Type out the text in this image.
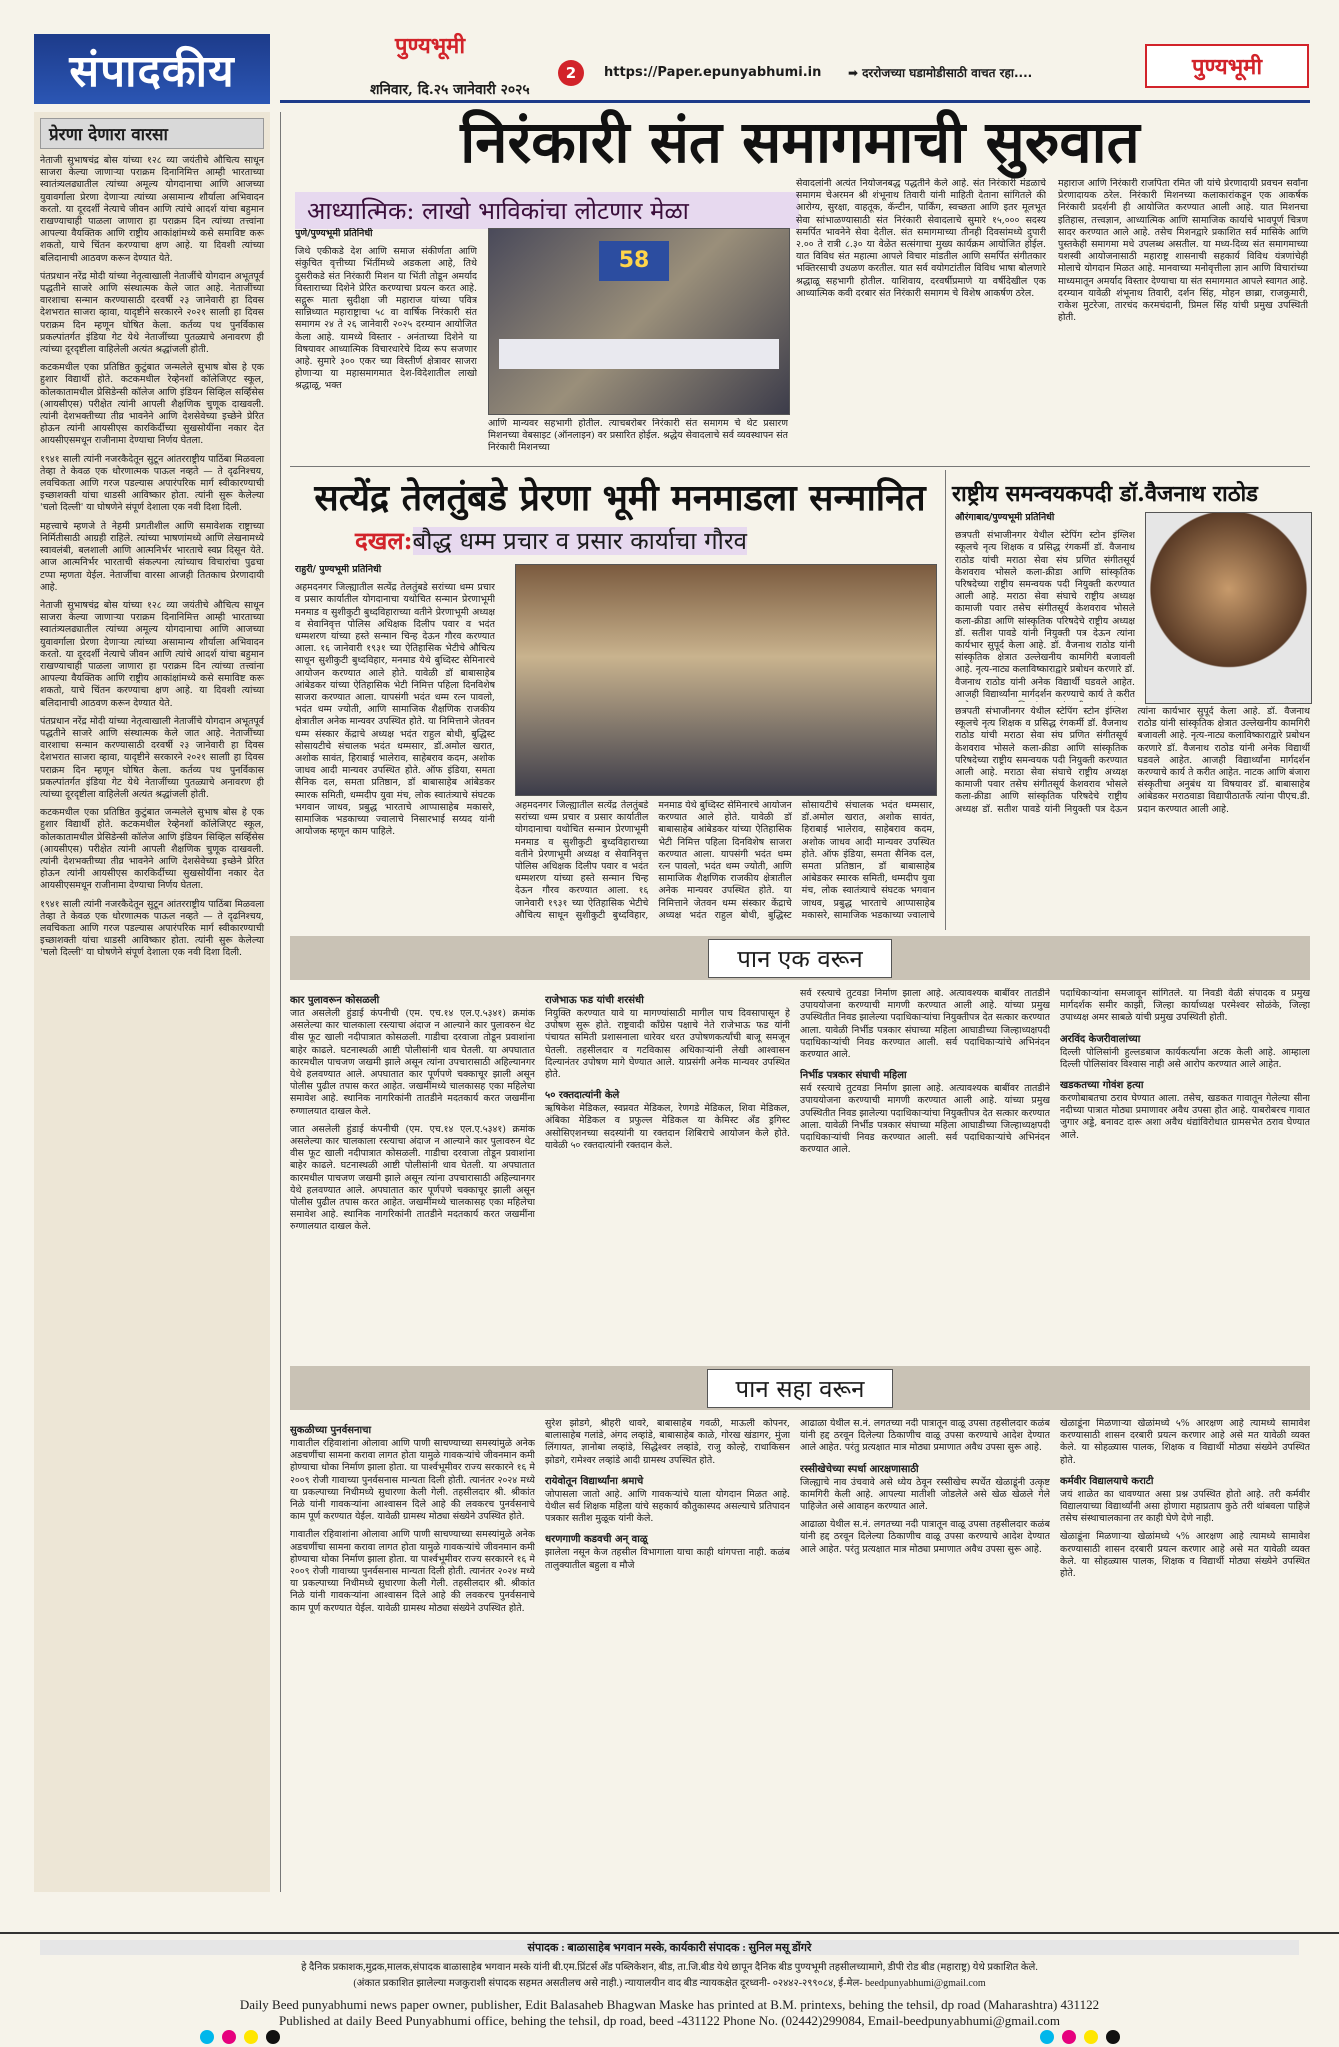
संपादकीय	पुण्यभूमी
शनिवार, दि.२५ जानेवारी २०२५
2	https://Paper.epunyabhumi.in ➡ दररोजच्या घडामोडीसाठी वाचत रहा....	पुण्यभूमी
प्रेरणा देणारा वारसा

नेताजी सुभाषचंद्र बोस यांच्या १२८ व्या जयंतीचे औचित्य साधून साजरा केल्या जाणाऱ्या पराक्रम दिनानिमित्त आम्ही भारताच्या स्वातंत्र्यलढ्यातील त्यांच्या अमूल्य योगदानाचा आणि आजच्या युवावर्गाला प्रेरणा देणाऱ्या त्यांच्या असामान्य शौर्याला अभिवादन करतो. या दूरदर्शी नेत्याचे जीवन आणि त्यांचे आदर्श यांचा बहुमान राखण्याचाही पाळला जाणारा हा पराक्रम दिन त्यांच्या तत्त्वांना आपल्या वैयक्तिक आणि राष्ट्रीय आकांक्षांमध्ये कसे समाविष्ट करू शकतो, याचे चिंतन करण्याचा क्षण आहे. या दिवशी त्यांच्या बलिदानाची आठवण करून देण्यात येते.

पंतप्रधान नरेंद्र मोदी यांच्या नेतृत्वाखाली नेताजींचे योगदान अभूतपूर्व पद्धतीने साजरे आणि संस्थात्मक केले जात आहे. नेताजींच्या वारशाचा सन्मान करण्यासाठी दरवर्षी २३ जानेवारी हा दिवस देशभरात साजरा व्हावा, यादृष्टीने सरकारने २०२१ सालाी हा दिवस पराक्रम दिन म्हणून घोषित केला. कर्तव्य पथ पुनर्विकास प्रकल्पांतर्गत इंडिया गेट येथे नेताजींच्या पुतळ्याचे अनावरण ही त्यांच्या दूरदृष्टीला वाहिलेली अत्यंत श्रद्धांजली होती.

कटकमधील एका प्रतिष्ठित कुटुंबात जन्मलेले सुभाष बोस हे एक हुशार विद्यार्थी होते. कटकमधील रेव्हेनशॉ कॉलेजिएट स्कूल, कोलकातामधील प्रेसिडेन्सी कॉलेज आणि इंडियन सिव्हिल सर्व्हिसेस (आयसीएस) परीक्षेत त्यांनी आपली शैक्षणिक चुणूक दाखवली. त्यांनी देशभक्तीच्या तीव्र भावनेने आणि देशसेवेच्या इच्छेने प्रेरित होऊन त्यांनी आयसीएस कारकिर्दीच्या सुखसोयींना नकार देत आयसीएसमधून राजीनामा देण्याचा निर्णय घेतला.

१९४१ साली त्यांनी नजरकैदेतून सुटून आंतरराष्ट्रीय पाठिंबा मिळवला तेव्हा ते केवळ एक धोरणात्मक पाऊल नव्हते — ते दृढनिश्चय, लवचिकता आणि गरज पडल्यास अपारंपरिक मार्ग स्वीकारण्याची इच्छाशक्ती यांचा धाडसी आविष्कार होता. त्यांनी सुरू केलेल्या 'चलो दिल्ली' या घोषणेने संपूर्ण देशाला एक नवी दिशा दिली.

महत्त्वाचे म्हणजे ते नेहमी प्रगतीशील आणि समावेशक राष्ट्राच्या निर्मितीसाठी आग्रही राहिले. त्यांच्या भाषणांमध्ये आणि लेखनामध्ये स्वावलंबी, बलशाली आणि आत्मनिर्भर भारताचे स्वप्न दिसून येते. आज आत्मनिर्भर भारताची संकल्पना त्यांच्याच विचारांचा पुढचा टप्पा म्हणता येईल. नेताजींचा वारसा आजही तितकाच प्रेरणादायी आहे.

नेताजी सुभाषचंद्र बोस यांच्या १२८ व्या जयंतीचे औचित्य साधून साजरा केल्या जाणाऱ्या पराक्रम दिनानिमित्त आम्ही भारताच्या स्वातंत्र्यलढ्यातील त्यांच्या अमूल्य योगदानाचा आणि आजच्या युवावर्गाला प्रेरणा देणाऱ्या त्यांच्या असामान्य शौर्याला अभिवादन करतो. या दूरदर्शी नेत्याचे जीवन आणि त्यांचे आदर्श यांचा बहुमान राखण्याचाही पाळला जाणारा हा पराक्रम दिन त्यांच्या तत्त्वांना आपल्या वैयक्तिक आणि राष्ट्रीय आकांक्षांमध्ये कसे समाविष्ट करू शकतो, याचे चिंतन करण्याचा क्षण आहे. या दिवशी त्यांच्या बलिदानाची आठवण करून देण्यात येते.

पंतप्रधान नरेंद्र मोदी यांच्या नेतृत्वाखाली नेताजींचे योगदान अभूतपूर्व पद्धतीने साजरे आणि संस्थात्मक केले जात आहे. नेताजींच्या वारशाचा सन्मान करण्यासाठी दरवर्षी २३ जानेवारी हा दिवस देशभरात साजरा व्हावा, यादृष्टीने सरकारने २०२१ सालाी हा दिवस पराक्रम दिन म्हणून घोषित केला. कर्तव्य पथ पुनर्विकास प्रकल्पांतर्गत इंडिया गेट येथे नेताजींच्या पुतळ्याचे अनावरण ही त्यांच्या दूरदृष्टीला वाहिलेली अत्यंत श्रद्धांजली होती.

कटकमधील एका प्रतिष्ठित कुटुंबात जन्मलेले सुभाष बोस हे एक हुशार विद्यार्थी होते. कटकमधील रेव्हेनशॉ कॉलेजिएट स्कूल, कोलकातामधील प्रेसिडेन्सी कॉलेज आणि इंडियन सिव्हिल सर्व्हिसेस (आयसीएस) परीक्षेत त्यांनी आपली शैक्षणिक चुणूक दाखवली. त्यांनी देशभक्तीच्या तीव्र भावनेने आणि देशसेवेच्या इच्छेने प्रेरित होऊन त्यांनी आयसीएस कारकिर्दीच्या सुखसोयींना नकार देत आयसीएसमधून राजीनामा देण्याचा निर्णय घेतला.

१९४१ साली त्यांनी नजरकैदेतून सुटून आंतरराष्ट्रीय पाठिंबा मिळवला तेव्हा ते केवळ एक धोरणात्मक पाऊल नव्हते — ते दृढनिश्चय, लवचिकता आणि गरज पडल्यास अपारंपरिक मार्ग स्वीकारण्याची इच्छाशक्ती यांचा धाडसी आविष्कार होता. त्यांनी सुरू केलेल्या 'चलो दिल्ली' या घोषणेने संपूर्ण देशाला एक नवी दिशा दिली.

निरंकारी संत समागमाची सुरुवात
आध्यात्मिक: लाखो भाविकांचा लोटणार मेळा
पुणे/पुण्यभूमी प्रतिनिधी
जिथे एकीकडे देश आणि समाज संकीर्णता आणि संकुचित वृत्तीच्या भिंतींमध्ये अडकला आहे, तिथे दुसरीकडे संत निरंकारी मिशन या भिंती तोडून अमर्याद विस्ताराच्या दिशेने प्रेरित करण्याचा प्रयत्न करत आहे. सद्गुरू माता सुदीक्षा जी महाराज यांच्या पवित्र सान्निध्यात महाराष्ट्राचा ५८ वा वार्षिक निरंकारी संत समागम २४ ते २६ जानेवारी २०२५ दरम्यान आयोजित केला आहे. यामध्ये विस्तार - अनंताच्या दिशेने या विषयावर आध्यात्मिक विचारधारेचे दिव्य रूप सजणार आहे. सुमारे ३०० एकर च्या विस्तीर्ण क्षेत्रावर साजरा होणाऱ्या या महासमागमात देश-विदेशातील लाखो श्रद्धाळू, भक्त
58
आणि मान्यवर सहभागी होतील. त्याचबरोबर निरंकारी संत समागम चे थेट प्रसारण मिशनच्या वेबसाइट (ऑनलाइन) वर प्रसारित होईल. श्रद्धेय सेवादलाचे सर्व व्यवस्थापन संत निरंकारी मिशनच्या
सेवादलांनी अत्यंत नियोजनबद्ध पद्धतीने केले आहे. संत निरंकारी मंडळाचे समागम चेअरमन श्री शंभूनाथ तिवारी यांनी माहिती देताना सांगितले की आरोग्य, सुरक्षा, वाहतूक, कॅन्टीन, पार्किंग, स्वच्छता आणि इतर मूलभूत सेवा सांभाळण्यासाठी संत निरंकारी सेवादलाचे सुमारे १५,००० सदस्य समर्पित भावनेने सेवा देतील. संत समागमाच्या तीनही दिवसांमध्ये दुपारी २.०० ते रात्री ८.३० या वेळेत सत्संगाचा मुख्य कार्यक्रम आयोजित होईल. यात विविध संत महात्मा आपले विचार मांडतील आणि समर्पित संगीतकार भक्तिरसाची उधळण करतील. यात सर्व वयोगटांतील विविध भाषा बोलणारे श्रद्धाळू सहभागी होतील. याशिवाय, दरवर्षीप्रमाणे या वर्षीदेखील एक आध्यात्मिक कवी दरबार संत निरंकारी समागम चे विशेष आकर्षण ठरेल.
महाराज आणि निरंकारी राजपिता रमित जी यांचे प्रेरणादायी प्रवचन सर्वांना प्रेरणादायक ठरेल. निरंकारी मिशनच्या कलाकारांकडून एक आकर्षक निरंकारी प्रदर्शनी ही आयोजित करण्यात आली आहे. यात मिशनचा इतिहास, तत्त्वज्ञान, आध्यात्मिक आणि सामाजिक कार्याचे भावपूर्ण चित्रण सादर करण्यात आले आहे. तसेच मिशनद्वारे प्रकाशित सर्व मासिके आणि पुस्तकेही समागमा मधे उपलब्ध असतील. या मध्य-दिव्य संत समागमाच्या यशस्वी आयोजनासाठी महाराष्ट्र शासनाची सहकार्य विविध यंत्रणांचेही मोलाचे योगदान मिळत आहे. मानवाच्या मनोवृत्तीला ज्ञान आणि विचारांच्या माध्यमातून अमर्याद विस्तार देण्याचा या संत समागमात आपले स्वागत आहे. दरम्यान यावेळी शंभूनाथ तिवारी, दर्शन सिंह, मोहन छाब्रा, राजकुमारी, राकेश मुटरेजा, तारचंद करमचंदानी, प्रिमल सिंह यांची प्रमुख उपस्थिती होती.
सत्येंद्र तेलतुंबडे प्रेरणा भूमी मनमाडला सन्मानित
दखल:बौद्ध धम्म प्रचार व प्रसार कार्याचा गौरव
राहुरी/ पुण्यभूमी प्रतिनिधी
अहमदनगर जिल्ह्यातील सत्येंद्र तेलतुंबडे सरांच्या धम्म प्रचार व प्रसार कार्यातील योगदानाचा यथोचित सन्मान प्रेरणाभूमी मनमाड व सुशीकुटी बुध्दविहाराच्या वतीने प्रेरणाभूमी अध्यक्ष व सेवानिवृत्त पोलिस अधिक्षक दिलीप पवार व भदंत धम्मशरण यांच्या हस्ते सन्मान चिन्ह देऊन गौरव करण्यात आला. १६ जानेवारी १९३१ च्या ऐतिहासिक भेटीचे औचित्य साधून सुशीकुटी बुध्दविहार, मनमाड येथे बुध्दिस्ट सेमिनारचे आयोजन करण्यात आले होते. यावेळी डॉ बाबासाहेब आंबेडकर यांच्या ऐतिहासिक भेटी निमित्त पहिला दिनविशेष साजरा करण्यात आला. यापसंगी भदंत धम्म रत्न पावलो, भदंत धम्म ज्योती, आणि सामाजिक शैक्षणिक राजकीय क्षेत्रातील अनेक मान्यवर उपस्थित होते. या निमित्ताने जेतवन धम्म संस्कार केंद्राचे अध्यक्ष भदंत राहुल बोधी, बुद्धिस्ट सोसायटीचे संचालक भदंत धम्मसार, डॉ.अमोल खरात, अशोक सावंत, हिराबाई भालेराव, साहेबराव कदम, अशोक जाधव आदी मान्यवर उपस्थित होते. ऑफ इंडिया, समता सैनिक दल, समता प्रतिष्ठान, डॉ बाबासाहेब आंबेडकर स्मारक समिती, धम्मदीप युवा मंच, लोक स्वातंत्र्याचे संघटक भगवान जाधव, प्रबुद्ध भारताचे आप्पासाहेब मकासरे, सामाजिक भडकाच्या ज्वालाचे निसारभाई सय्यद यांनी आयोजक म्हणून काम पाहिले.
अहमदनगर जिल्ह्यातील सत्येंद्र तेलतुंबडे सरांच्या धम्म प्रचार व प्रसार कार्यातील योगदानाचा यथोचित सन्मान प्रेरणाभूमी मनमाड व सुशीकुटी बुध्दविहाराच्या वतीने प्रेरणाभूमी अध्यक्ष व सेवानिवृत्त पोलिस अधिक्षक दिलीप पवार व भदंत धम्मशरण यांच्या हस्ते सन्मान चिन्ह देऊन गौरव करण्यात आला. १६ जानेवारी १९३१ च्या ऐतिहासिक भेटीचे औचित्य साधून सुशीकुटी बुध्दविहार, मनमाड येथे बुध्दिस्ट सेमिनारचे आयोजन करण्यात आले होते. यावेळी डॉ बाबासाहेब आंबेडकर यांच्या ऐतिहासिक भेटी निमित्त पहिला दिनविशेष साजरा करण्यात आला. यापसंगी भदंत धम्म रत्न पावलो, भदंत धम्म ज्योती, आणि सामाजिक शैक्षणिक राजकीय क्षेत्रातील अनेक मान्यवर उपस्थित होते. या निमित्ताने जेतवन धम्म संस्कार केंद्राचे अध्यक्ष भदंत राहुल बोधी, बुद्धिस्ट सोसायटीचे संचालक भदंत धम्मसार, डॉ.अमोल खरात, अशोक सावंत, हिराबाई भालेराव, साहेबराव कदम, अशोक जाधव आदी मान्यवर उपस्थित होते. ऑफ इंडिया, समता सैनिक दल, समता प्रतिष्ठान, डॉ बाबासाहेब आंबेडकर स्मारक समिती, धम्मदीप युवा मंच, लोक स्वातंत्र्याचे संघटक भगवान जाधव, प्रबुद्ध भारताचे आप्पासाहेब मकासरे, सामाजिक भडकाच्या ज्वालाचे
राष्ट्रीय समन्वयकपदी डॉ.वैजनाथ राठोड
औरंगाबाद/पुण्यभूमी प्रतिनिधी
छत्रपती संभाजीनगर येथील स्टेपिंग स्टोन इंग्लिश स्कूलचे नृत्य शिक्षक व प्रसिद्ध रंगकर्मी डॉ. वैजनाथ राठोड यांची मराठा सेवा संघ प्रणित संगीतसूर्य केशवराव भोसले कला-क्रीडा आणि सांस्कृतिक परिषदेच्या राष्ट्रीय समन्वयक पदी नियुक्ती करण्यात आली आहे. मराठा सेवा संघाचे राष्ट्रीय अध्यक्ष कामाजी पवार तसेच संगीतसूर्य केशवराव भोसले कला-क्रीडा आणि सांस्कृतिक परिषदेचे राष्ट्रीय अध्यक्ष डॉ. सतीश पावडे यांनी नियुक्ती पत्र देऊन त्यांना कार्यभार सुपूर्द केला आहे. डॉ. वैजनाथ राठोड यांनी सांस्कृतिक क्षेत्रात उल्लेखनीय कामगिरी बजावली आहे. नृत्य-नाट्य कलाविष्काराद्वारे प्रबोधन करणारे डॉ. वैजनाथ राठोड यांनी अनेक विद्यार्थी घडवले आहेत. आजही विद्यार्थ्यांना मार्गदर्शन करण्याचे कार्य ते करीत
छत्रपती संभाजीनगर येथील स्टेपिंग स्टोन इंग्लिश स्कूलचे नृत्य शिक्षक व प्रसिद्ध रंगकर्मी डॉ. वैजनाथ राठोड यांची मराठा सेवा संघ प्रणित संगीतसूर्य केशवराव भोसले कला-क्रीडा आणि सांस्कृतिक परिषदेच्या राष्ट्रीय समन्वयक पदी नियुक्ती करण्यात आली आहे. मराठा सेवा संघाचे राष्ट्रीय अध्यक्ष कामाजी पवार तसेच संगीतसूर्य केशवराव भोसले कला-क्रीडा आणि सांस्कृतिक परिषदेचे राष्ट्रीय अध्यक्ष डॉ. सतीश पावडे यांनी नियुक्ती पत्र देऊन त्यांना कार्यभार सुपूर्द केला आहे. डॉ. वैजनाथ राठोड यांनी सांस्कृतिक क्षेत्रात उल्लेखनीय कामगिरी बजावली आहे. नृत्य-नाट्य कलाविष्काराद्वारे प्रबोधन करणारे डॉ. वैजनाथ राठोड यांनी अनेक विद्यार्थी घडवले आहेत. आजही विद्यार्थ्यांना मार्गदर्शन करण्याचे कार्य ते करीत आहेत. नाटक आणि बंजारा संस्कृतीचा अनुबंध या विषयावर डॉ. बाबासाहेब आंबेडकर मराठवाडा विद्यापीठातर्फे त्यांना पीएच.डी. प्रदान करण्यात आली आहे.
पान एक वरून
कार पुलावरून कोसळली
जात असलेली हुंडाई कंपनीची (एम. एच.१४ एल.ए.५३४१) क्रमांक असलेल्या कार चालकाला रस्त्याचा अंदाज न आल्याने कार पुलावरुन थेट वीस फूट खाली नदीपात्रात कोसळली. गाडीचा दरवाजा तोडून प्रवाशांना बाहेर काढले. घटनास्थळी आष्टी पोलीसांनी धाव घेतली. या अपघातात कारमधील पाचजण जखमी झाले असून त्यांना उपचारासाठी अहिल्यानगर येथे हलवण्यात आले. अपघातात कार पूर्णपणे चक्काचूर झाली असून पोलीस पुढील तपास करत आहेत. जखमींमध्ये चालकासह एका महिलेचा समावेश आहे. स्थानिक नागरिकांनी तातडीने मदतकार्य करत जखमींना रुग्णालयात दाखल केले.
जात असलेली हुंडाई कंपनीची (एम. एच.१४ एल.ए.५३४१) क्रमांक असलेल्या कार चालकाला रस्त्याचा अंदाज न आल्याने कार पुलावरुन थेट वीस फूट खाली नदीपात्रात कोसळली. गाडीचा दरवाजा तोडून प्रवाशांना बाहेर काढले. घटनास्थळी आष्टी पोलीसांनी धाव घेतली. या अपघातात कारमधील पाचजण जखमी झाले असून त्यांना उपचारासाठी अहिल्यानगर येथे हलवण्यात आले. अपघातात कार पूर्णपणे चक्काचूर झाली असून पोलीस पुढील तपास करत आहेत. जखमींमध्ये चालकासह एका महिलेचा समावेश आहे. स्थानिक नागरिकांनी तातडीने मदतकार्य करत जखमींना रुग्णालयात दाखल केले.
राजेभाऊ फड यांची शरसंधी
नियुक्ति करण्यात यावे या मागण्यांसाठी मागील पाच दिवसापासून हे उपोषण सुरू होते. राष्ट्रवादी कॉंग्रेस पक्षाचे नेते राजेभाऊ फड यांनी पंचायत समिती प्रशासनाला धारेवर धरत उपोषणकर्त्यांची बाजू समजून घेतली. तहसीलदार व गटविकास अधिकाऱ्यांनी लेखी आश्वासन दिल्यानंतर उपोषण मागे घेण्यात आले. याप्रसंगी अनेक मान्यवर उपस्थित होते.
५० रक्तदात्यांनी केले
ऋषिकेश मेडिकल, स्वप्नवत मेडिकल, रेणगडे मेडिकल, शिवा मेडिकल, अंबिका मेडिकल व प्रफुल्ल मेडिकल या केमिस्ट अँड ड्रगिस्ट असोसिएशनच्या सदस्यांनी या रक्तदान शिबिराचे आयोजन केले होते. यावेळी ५० रक्तदात्यांनी रक्तदान केले.
सर्व रस्त्याचे तुटवडा निर्माण झाला आहे. अत्यावश्यक बाबींवर तातडीने उपाययोजना करण्याची मागणी करण्यात आली आहे. यांच्या प्रमुख उपस्थितीत निवड झालेल्या पदाधिकाऱ्यांचा नियुक्तीपत्र देत सत्कार करण्यात आला. यावेळी निर्भीड पत्रकार संघाच्या महिला आघाडीच्या जिल्हाध्यक्षपदी पदाधिकाऱ्यांची निवड करण्यात आली. सर्व पदाधिकाऱ्यांचे अभिनंदन करण्यात आले.
निर्भीड पत्रकार संघाची महिला
सर्व रस्त्याचे तुटवडा निर्माण झाला आहे. अत्यावश्यक बाबींवर तातडीने उपाययोजना करण्याची मागणी करण्यात आली आहे. यांच्या प्रमुख उपस्थितीत निवड झालेल्या पदाधिकाऱ्यांचा नियुक्तीपत्र देत सत्कार करण्यात आला. यावेळी निर्भीड पत्रकार संघाच्या महिला आघाडीच्या जिल्हाध्यक्षपदी पदाधिकाऱ्यांची निवड करण्यात आली. सर्व पदाधिकाऱ्यांचे अभिनंदन करण्यात आले.
पदाधिकाऱ्यांना समजावून सांगितले. या निवडी वेळी संपादक व प्रमुख मार्गदर्शक समीर काझी, जिल्हा कार्याध्यक्ष परमेश्वर सोळंके, जिल्हा उपाध्यक्ष अमर साबळे यांची प्रमुख उपस्थिती होती.
अरविंद केजरीवालांच्या
दिल्ली पोलिसांनी हुल्लडबाज कार्यकर्त्यांना अटक केली आहे. आम्हाला दिल्ली पोलिसांवर विश्वास नाही असे आरोप करण्यात आले आहेत.
खडकतच्या गोवंश हत्या
करणोबाबतचा ठराव घेण्यात आला. तसेच, खडकत गावातून गेलेल्या सीना नदीच्या पात्रात मोठ्या प्रमाणावर अवैध उपसा होत आहे. याबरोबरच गावात जुगार अड्डे, बनावट दारू अशा अवैध धंद्यांविरोधात ग्रामसभेत ठराव घेण्यात आले.
पान सहा वरून
सुकळीच्या पुनर्वसनाचा
गावातील रहिवाशांना ओलावा आणि पाणी साचण्याच्या समस्यांमुळे अनेक अडचणींचा सामना करावा लागत होता यामुळे गावकऱ्यांचे जीवनमान कमी होण्याचा धोका निर्माण झाला होता. या पार्श्वभूमीवर राज्य सरकारने १६ मे २००९ रोजी गावाच्या पुनर्वसनास मान्यता दिली होती. त्यानंतर २०२४ मध्ये या प्रकल्पाच्या निधीमध्ये सुधारणा केली गेली. तहसीलदार श्री. श्रीकांत निळे यांनी गावकऱ्यांना आश्वासन दिले आहे की लवकरच पुनर्वसनाचे काम पूर्ण करण्यात येईल. यावेळी ग्रामस्थ मोठ्या संख्येने उपस्थित होते.
गावातील रहिवाशांना ओलावा आणि पाणी साचण्याच्या समस्यांमुळे अनेक अडचणींचा सामना करावा लागत होता यामुळे गावकऱ्यांचे जीवनमान कमी होण्याचा धोका निर्माण झाला होता. या पार्श्वभूमीवर राज्य सरकारने १६ मे २००९ रोजी गावाच्या पुनर्वसनास मान्यता दिली होती. त्यानंतर २०२४ मध्ये या प्रकल्पाच्या निधीमध्ये सुधारणा केली गेली. तहसीलदार श्री. श्रीकांत निळे यांनी गावकऱ्यांना आश्वासन दिले आहे की लवकरच पुनर्वसनाचे काम पूर्ण करण्यात येईल. यावेळी ग्रामस्थ मोठ्या संख्येने उपस्थित होते.
सुरेश झोडगे, श्रीहरी धावरे, बाबासाहेब गवळी, माऊली कोपनर, बालासाहेब गलांडे, अंगद लव्हांडे, बाबासाहेब काळे, गोरख खंडागर, मुंजा लिंगायत, ज्ञानोबा लव्हांडे, सिद्धेश्वर लव्हांडे, राजु कोल्हे, राधाकिसन झोडगे, रामेश्वर लव्हांडे आदी ग्रामस्थ उपस्थित होते.
रायेवोतून विद्यार्थ्यांना श्रमाचे
जोपासला जातो आहे. आणि गावकऱ्यांचे याला योगदान मिळत आहे. येथील सर्व शिक्षक महिला यांचे सहकार्य कौतुकास्पद असल्याचे प्रतिपादन पत्रकार सतीश मुळूक यांनी केले.
धरणगाणी कडवची अन् वाळू
झालेला नसून केज तहसील विभागाला याचा काही थांगपत्ता नाही. कळंब तालुक्यातील बहुला व मौजे
आढाळा येथील स.नं. लगतच्या नदी पात्रातून वाळू उपसा तहसीलदार कळंब यांनी हद्द ठरवून दिलेल्या ठिकाणीच वाळू उपसा करण्याचे आदेश देण्यात आले आहेत. परंतु प्रत्यक्षात मात्र मोठ्या प्रमाणात अवैध उपसा सुरू आहे.
रस्सीखेचेच्या स्पर्धा आरक्षणासाठी
जिल्ह्याचे नाव उंचवावे असे ध्येय ठेवून रस्सीखेच स्पर्धेत खेळाडूंनी उत्कृष्ट कामगिरी केली आहे. आपल्या मातीशी जोडलेले असे खेळ खेळले गेले पाहिजेत असे आवाहन करण्यात आले.
आढाळा येथील स.नं. लगतच्या नदी पात्रातून वाळू उपसा तहसीलदार कळंब यांनी हद्द ठरवून दिलेल्या ठिकाणीच वाळू उपसा करण्याचे आदेश देण्यात आले आहेत. परंतु प्रत्यक्षात मात्र मोठ्या प्रमाणात अवैध उपसा सुरू आहे.
खेळाडूंना मिळणाऱ्या खेळांमध्ये ५% आरक्षण आहे त्यामध्ये सामावेश करण्यासाठी शासन दरबारी प्रयत्न करणार आहे असे मत यावेळी व्यक्त केले. या सोहळ्यास पालक, शिक्षक व विद्यार्थी मोठ्या संख्येने उपस्थित होते.
कर्मवीर विद्यालयाचे कराटी
जयं शाळेत का धावण्यात असा प्रश्न उपस्थित होतो आहे. तरी कर्मवीर विद्यालयाच्या विद्यार्थ्यांनी असा होणारा महाप्रताप कुठे तरी थांबवला पाहिजे तसेच संस्थाचालकाना तर काही घेणे देणे नाही.
खेळाडूंना मिळणाऱ्या खेळांमध्ये ५% आरक्षण आहे त्यामध्ये सामावेश करण्यासाठी शासन दरबारी प्रयत्न करणार आहे असे मत यावेळी व्यक्त केले. या सोहळ्यास पालक, शिक्षक व विद्यार्थी मोठ्या संख्येने उपस्थित होते.
संपादक : बाळासाहेब भगवान मस्के, कार्यकारी संपादक : सुनिल मसू डोंगरे
हे दैनिक प्रकाशक,मुद्रक,मालक,संपादक बाळासाहेब भगवान मस्के यांनी बी.एम.प्रिंटर्स अँड पब्लिकेशन, बीड, ता.जि.बीड येथे छापून दैनिक बीड पुण्यभूमी तहसीलच्यामागे, डीपी रोड बीड (महाराष्ट्र) येथे प्रकाशित केले.
(अंकात प्रकाशित झालेल्या मजकुराशी संपादक सहमत असतीलच असे नाही.) न्यायालयीन वाद बीड न्यायकक्षेत दूरध्वनी- ०२४४२-२९९०८४, ई-मेल- beedpunyabhumi@gmail.com
Daily Beed punyabhumi news paper owner, publisher, Edit Balasaheb Bhagwan Maske has printed at B.M. printexs, behing the tehsil, dp road (Maharashtra) 431122
Published at daily Beed Punyabhumi office, behing the tehsil, dp road, beed -431122 Phone No. (02442)299084, Email-beedpunyabhumi@gmail.com
